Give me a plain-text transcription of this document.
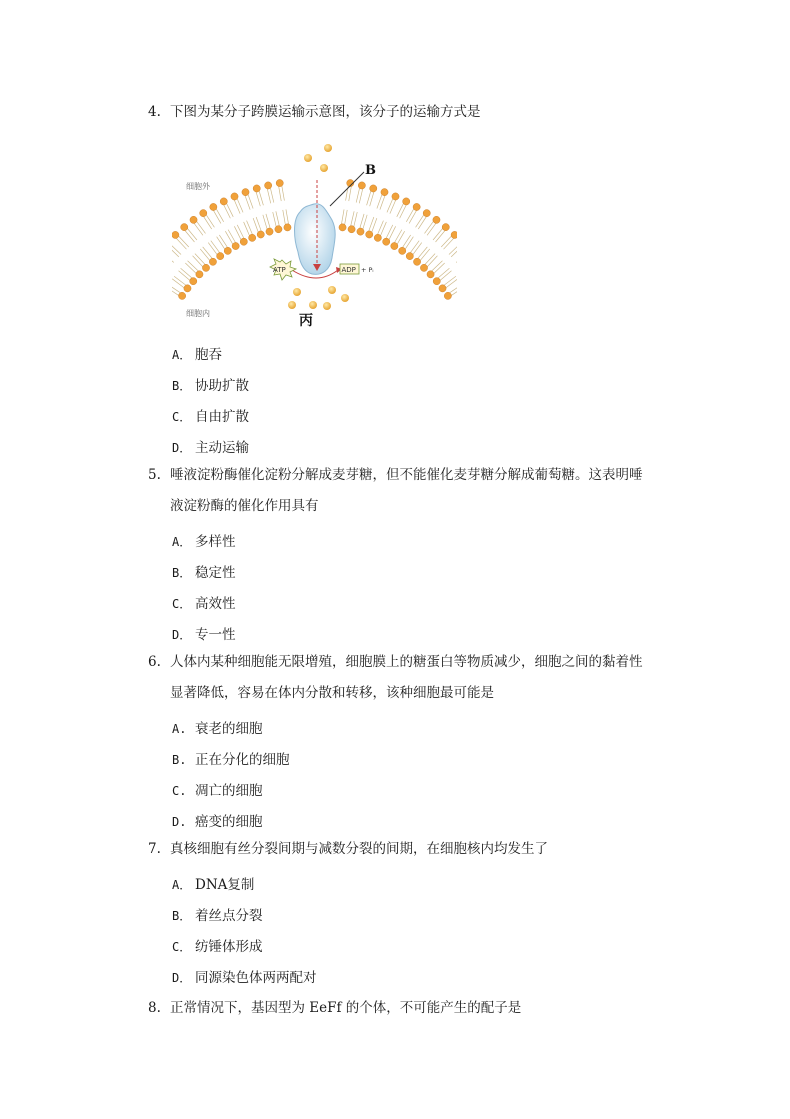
4. 下图为某分子跨膜运输示意图，该分子的运输方式是
B
细胞外
细胞内
ATP	ADP + Pᵢ
丙
A． 胞吞
B． 协助扩散
C． 自由扩散
D． 主动运输
5. 唾液淀粉酶催化淀粉分解成麦芽糖，但不能催化麦芽糖分解成葡萄糖。这表明唾
液淀粉酶的催化作用具有
A． 多样性
B． 稳定性
C． 高效性
D． 专一性
6. 人体内某种细胞能无限增殖，细胞膜上的糖蛋白等物质减少，细胞之间的黏着性
显著降低，容易在体内分散和转移，该种细胞最可能是
A. 衰老的细胞
B. 正在分化的细胞
C. 凋亡的细胞
D. 癌变的细胞
7. 真核细胞有丝分裂间期与减数分裂的间期，在细胞核内均发生了
A． DNA复制
B． 着丝点分裂
C． 纺锤体形成
D． 同源染色体两两配对
8. 正常情况下，基因型为 EeFf 的个体，不可能产生的配子是
